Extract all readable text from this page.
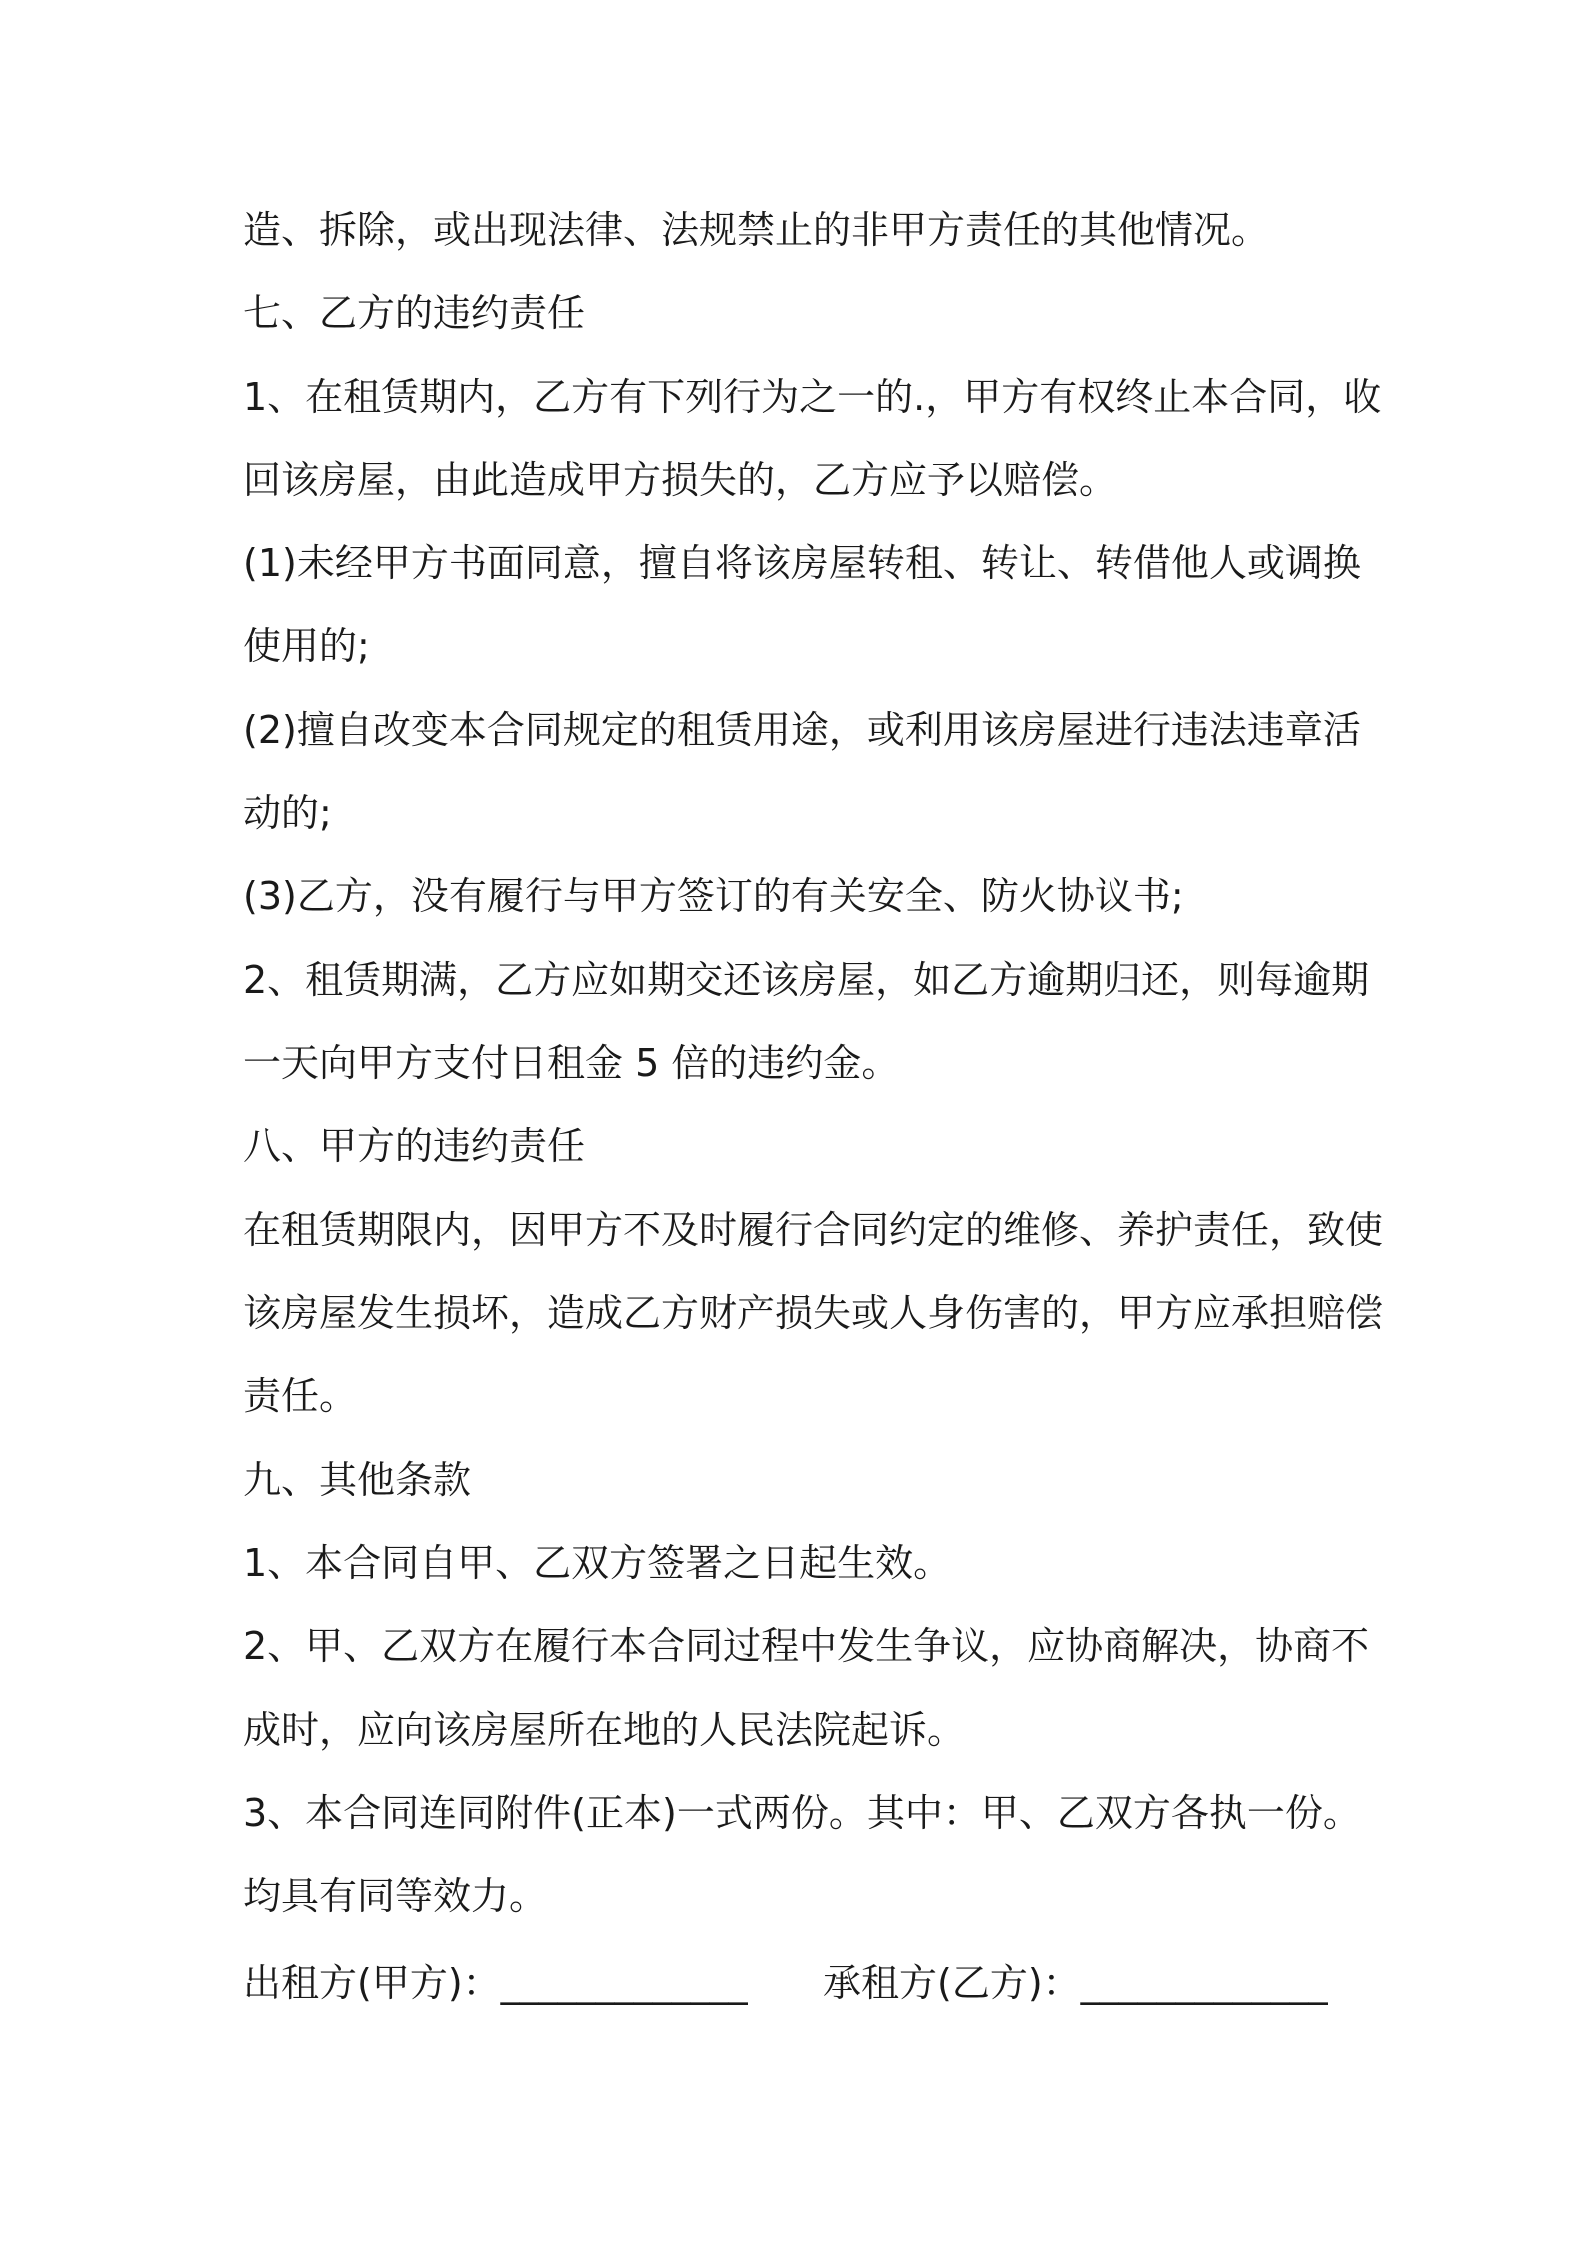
造、拆除，或出现法律、法规禁止的非甲方责任的其他情况。
七、乙方的违约责任
1、在租赁期内，乙方有下列行为之一的.，甲方有权终止本合同，收
回该房屋，由此造成甲方损失的，乙方应予以赔偿。
(1)未经甲方书面同意，擅自将该房屋转租、转让、转借他人或调换
使用的;
(2)擅自改变本合同规定的租赁用途，或利用该房屋进行违法违章活
动的;
(3)乙方，没有履行与甲方签订的有关安全、防火协议书;
2、租赁期满，乙方应如期交还该房屋，如乙方逾期归还，则每逾期
一天向甲方支付日租金 5 倍的违约金。
八、甲方的违约责任
在租赁期限内，因甲方不及时履行合同约定的维修、养护责任，致使
该房屋发生损坏，造成乙方财产损失或人身伤害的，甲方应承担赔偿
责任。
九、其他条款
1、本合同自甲、乙双方签署之日起生效。
2、甲、乙双方在履行本合同过程中发生争议，应协商解决，协商不
成时，应向该房屋所在地的人民法院起诉。
3、本合同连同附件(正本)一式两份。其中：甲、乙双方各执一份。
均具有同等效力。
出租方(甲方)：_____________ 承租方(乙方)：_____________
